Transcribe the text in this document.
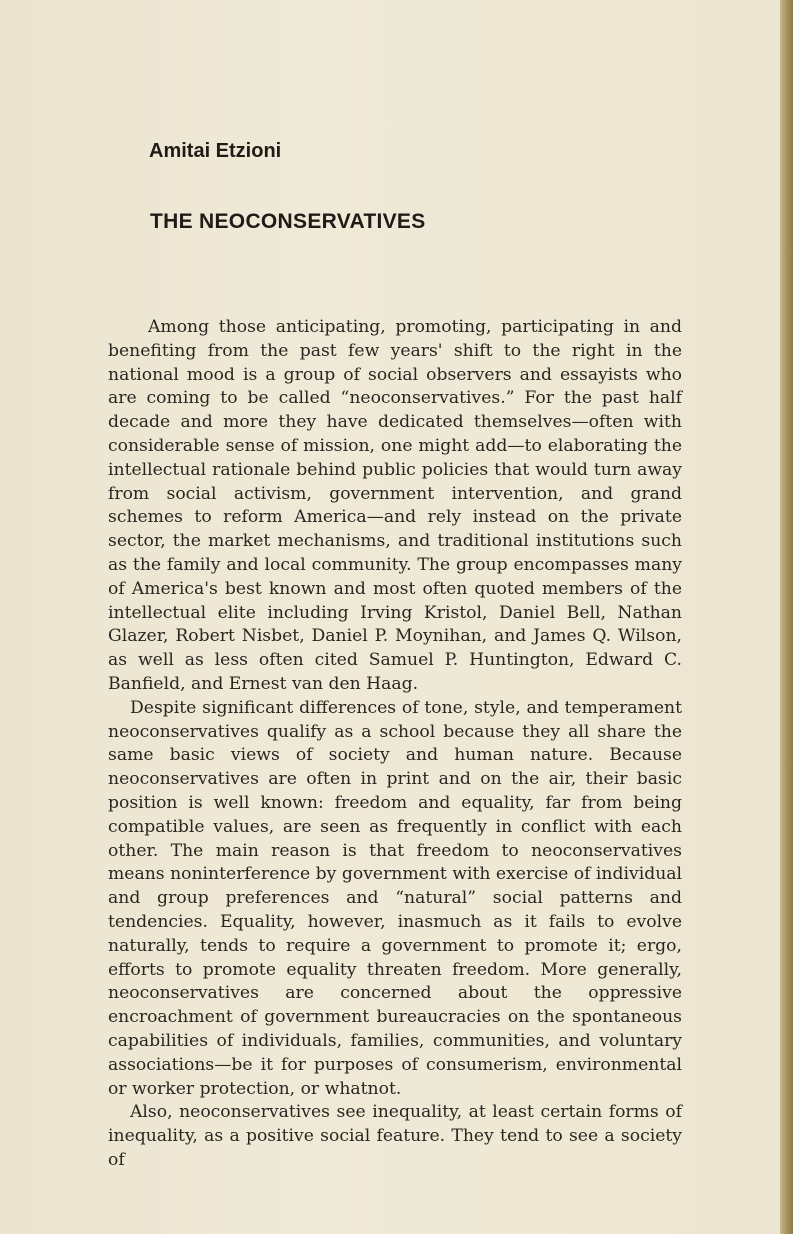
Amitai Etzioni
THE NEOCONSERVATIVES

Among those anticipating, promoting, participating in and benefiting from the past few years' shift to the right in the national mood is a group of social observers and essayists who are coming to be called “neoconservatives.” For the past half decade and more they have dedicated themselves—often with considerable sense of mission, one might add—to elaborating the intellectual rationale behind public policies that would turn away from social activism, government intervention, and grand schemes to reform America—and rely instead on the private sector, the market mechanisms, and traditional institutions such as the family and local community. The group encompasses many of America's best known and most often quoted members of the intellectual elite including Irving Kristol, Daniel Bell, Nathan Glazer, Robert Nisbet, Daniel P. Moynihan, and James Q. Wilson, as well as less often cited Samuel P. Huntington, Edward C. Banfield, and Ernest van den Haag.

Despite significant differences of tone, style, and temperament neoconservatives qualify as a school because they all share the same basic views of society and human nature. Because neoconservatives are often in print and on the air, their basic position is well known: freedom and equality, far from being compatible values, are seen as frequently in conflict with each other. The main reason is that freedom to neoconservatives means noninterference by government with exercise of individual and group preferences and “natural” social patterns and tendencies. Equality, however, inasmuch as it fails to evolve naturally, tends to require a government to promote it; ergo, efforts to promote equality threaten freedom. More generally, neoconservatives are concerned about the oppressive encroachment of government bureaucracies on the spontaneous capabilities of individuals, families, communities, and voluntary associations—be it for purposes of consumerism, environmental or worker protection, or whatnot.

Also, neoconservatives see inequality, at least certain forms of inequality, as a positive social feature. They tend to see a society of
